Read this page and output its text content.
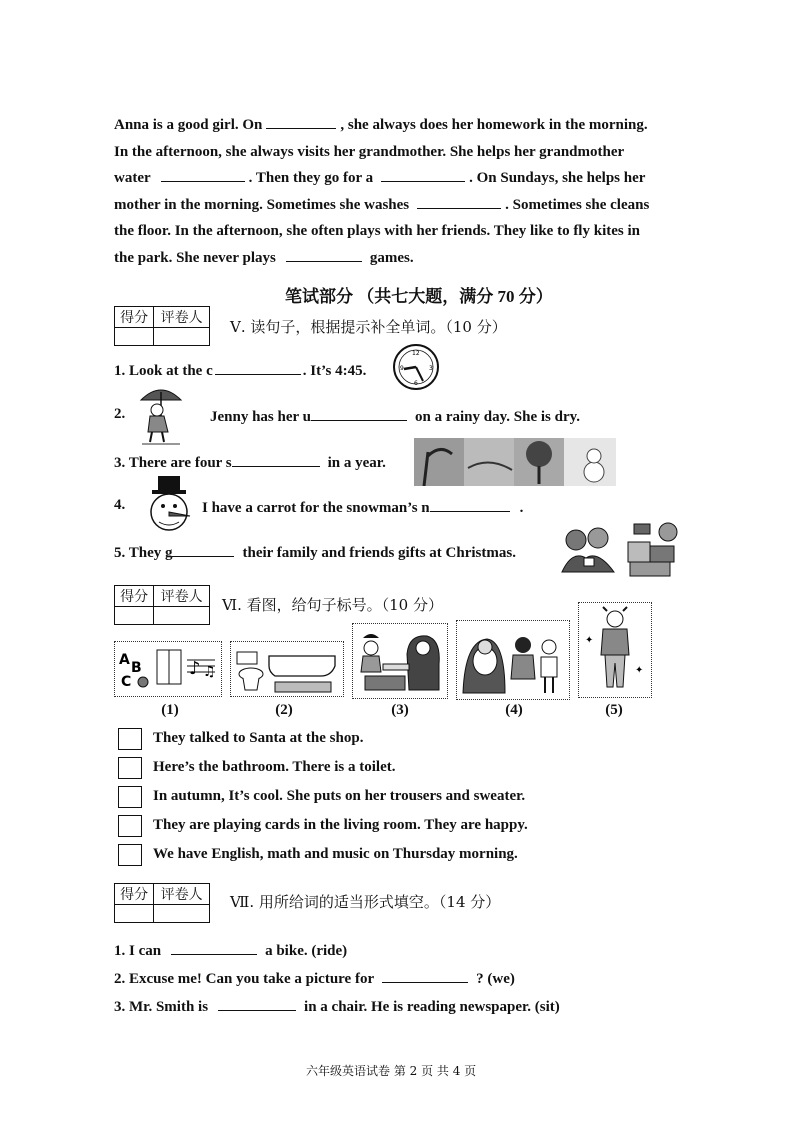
Anna is a good girl. On	, she always does her homework in the morning.
In the afternoon, she always visits her grandmother. She helps her grandmother
water	. Then they go for a	. On Sundays, she helps her
mother in the morning. Sometimes she washes	. Sometimes she cleans
the floor. In the afternoon, she often plays with her friends. They like to fly kites in
the park. She never plays	games.
笔试部分 （共七大题，满分 70 分）
得分	评卷人
	Ⅴ. 读句子，根据提示补全单词。（10 分）
1. Look at the c	. It’s 4:45.
12
3
6
9
2.	Jenny has her u	on a rainy day. She is dry.
3. There are four s	in a year.
4.	I have a carrot for the snowman’s n	.
5. They g	their family and friends gifts at Christmas.
得分	评卷人
	Ⅵ. 看图，给句子标号。（10 分）
A B
C
♪ ♫
✦
✦
(1)	(2)	(3)	(4)	(5)
They talked to Santa at the shop.
Here’s the bathroom. There is a toilet.
In autumn, It’s cool. She puts on her trousers and sweater.
They are playing cards in the living room. They are happy.
We have English, math and music on Thursday morning.
得分	评卷人
	Ⅶ. 用所给词的适当形式填空。（14 分）
1. I can	a bike. (ride)
2. Excuse me! Can you take a picture for	? (we)
3. Mr. Smith is	in a chair. He is reading newspaper. (sit)
六年级英语试卷 第 2 页 共 4 页
